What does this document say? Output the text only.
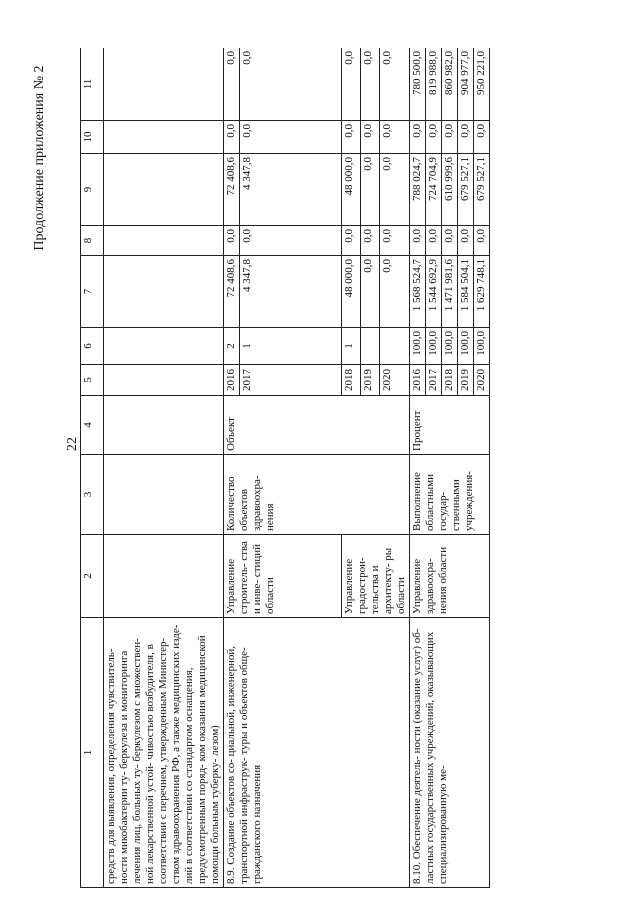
22
Продолжение приложения № 2
1	2	3	4	5	6	7	8	9	10	11
средств для выявления, определения чувствитель- ности микобактерии ту- беркулеза и мониторинга лечения лиц, больных ту- беркулезом с множествен- ной лекарственной устой- чивостью возбудителя, в соответствии с перечнем, утвержденным Министер- ством здравоохранения РФ, а также медицинских изде- лий в соответствии со стандартом оснащения, предусмотренным поряд- ком оказания медицинской помощи больным туберку- лезом)										
8.9. Создание объектов со- циальной, инженерной, транспортной инфраструк- туры и объектов обще- гражданского назначения	Управление строитель- ства и инве- стиций области	Количество объектов здравоохра- нения	Объект	2016	2	72 408,6	0,0	72 408,6	0,0	0,0
				2017	1	4 347,8	0,0	4 347,8	0,0	0,0
	Управление градострои- тельства и архитекту- ры области			2018	1	48 000,0	0,0	48 000,0	0,0	0,0
				2019		0,0	0,0	0,0	0,0	0,0
				2020		0,0	0,0	0,0	0,0	0,0
8.10. Обеспечение деятель- ности (оказание услуг) об- ластных государственных учреждений, оказывающих специализированную ме-	Управление здравоохра- нения области	Выполнение областными государ- ственными учреждения-	Процент	2016	100,0	1 568 524,7	0,0	788 024,7	0,0	780 500,0
				2017	100,0	1 544 692,9	0,0	724 704,9	0,0	819 988,0
				2018	100,0	1 471 981,6	0,0	610 999,6	0,0	860 982,0
				2019	100,0	1 584 504,1	0,0	679 527,1	0,0	904 977,0
				2020	100,0	1 629 748,1	0,0	679 527,1	0,0	950 221,0
